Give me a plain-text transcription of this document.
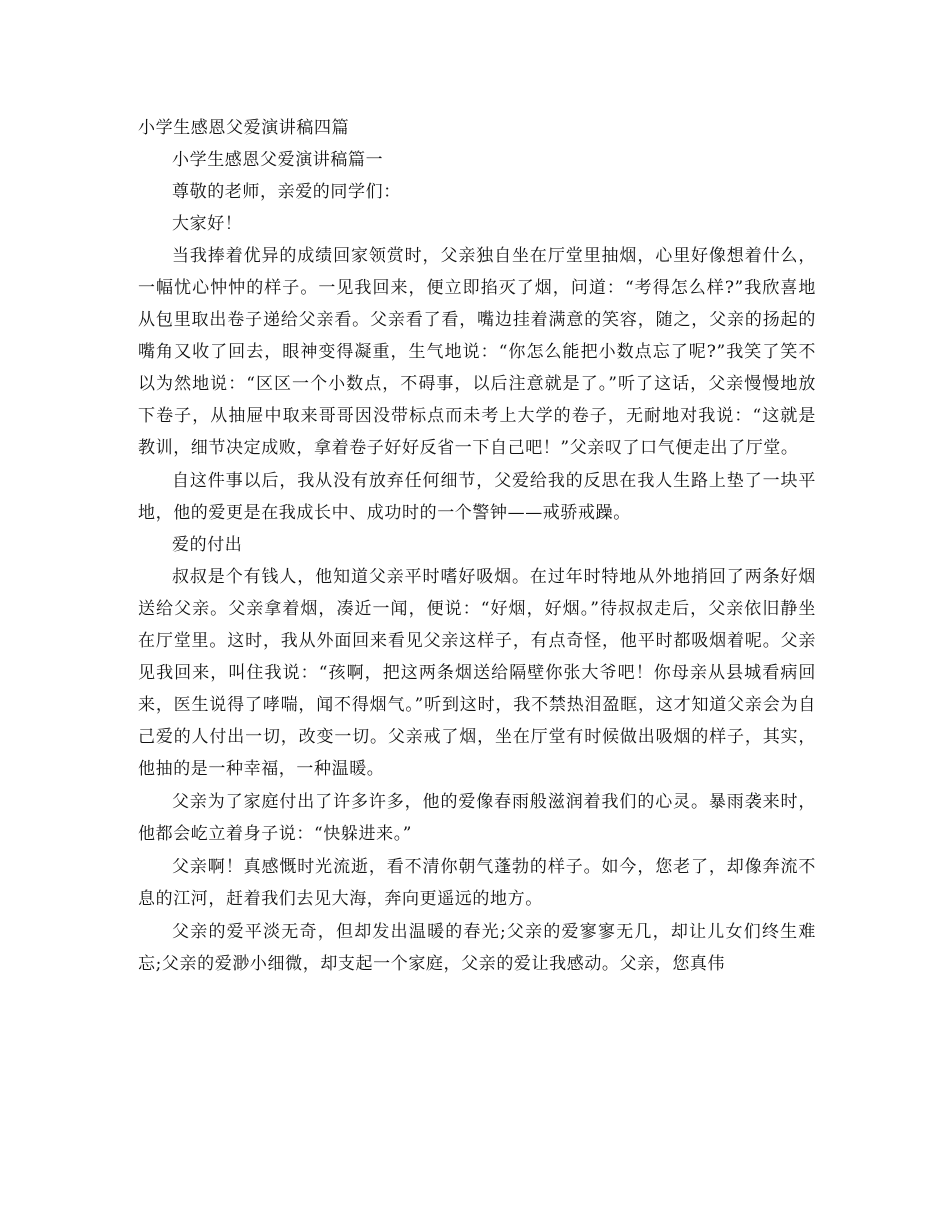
小学生感恩父爱演讲稿四篇

小学生感恩父爱演讲稿篇一

尊敬的老师，亲爱的同学们：

大家好！

当我捧着优异的成绩回家领赏时，父亲独自坐在厅堂里抽烟，心里好像想着什么，一幅忧心忡忡的样子。一见我回来，便立即掐灭了烟，问道：“考得怎么样?”我欣喜地从包里取出卷子递给父亲看。父亲看了看，嘴边挂着满意的笑容，随之，父亲的扬起的嘴角又收了回去，眼神变得凝重，生气地说：“你怎么能把小数点忘了呢?”我笑了笑不以为然地说：“区区一个小数点，不碍事，以后注意就是了。”听了这话，父亲慢慢地放下卷子，从抽屉中取来哥哥因没带标点而未考上大学的卷子，无耐地对我说：“这就是教训，细节决定成败，拿着卷子好好反省一下自己吧！”父亲叹了口气便走出了厅堂。

自这件事以后，我从没有放弃任何细节，父爱给我的反思在我人生路上垫了一块平地，他的爱更是在我成长中、成功时的一个警钟——戒骄戒躁。

爱的付出

叔叔是个有钱人，他知道父亲平时嗜好吸烟。在过年时特地从外地捎回了两条好烟送给父亲。父亲拿着烟，凑近一闻，便说：“好烟，好烟。”待叔叔走后，父亲依旧静坐在厅堂里。这时，我从外面回来看见父亲这样子，有点奇怪，他平时都吸烟着呢。父亲见我回来，叫住我说：“孩啊，把这两条烟送给隔壁你张大爷吧！你母亲从县城看病回来，医生说得了哮喘，闻不得烟气。”听到这时，我不禁热泪盈眶，这才知道父亲会为自己爱的人付出一切，改变一切。父亲戒了烟，坐在厅堂有时候做出吸烟的样子，其实，他抽的是一种幸福，一种温暖。

父亲为了家庭付出了许多许多，他的爱像春雨般滋润着我们的心灵。暴雨袭来时，他都会屹立着身子说：“快躲进来。”

父亲啊！真感慨时光流逝，看不清你朝气蓬勃的样子。如今，您老了，却像奔流不息的江河，赶着我们去见大海，奔向更遥远的地方。

父亲的爱平淡无奇，但却发出温暖的春光;父亲的爱寥寥无几，却让儿女们终生难忘;父亲的爱渺小细微，却支起一个家庭，父亲的爱让我感动。父亲，您真伟
